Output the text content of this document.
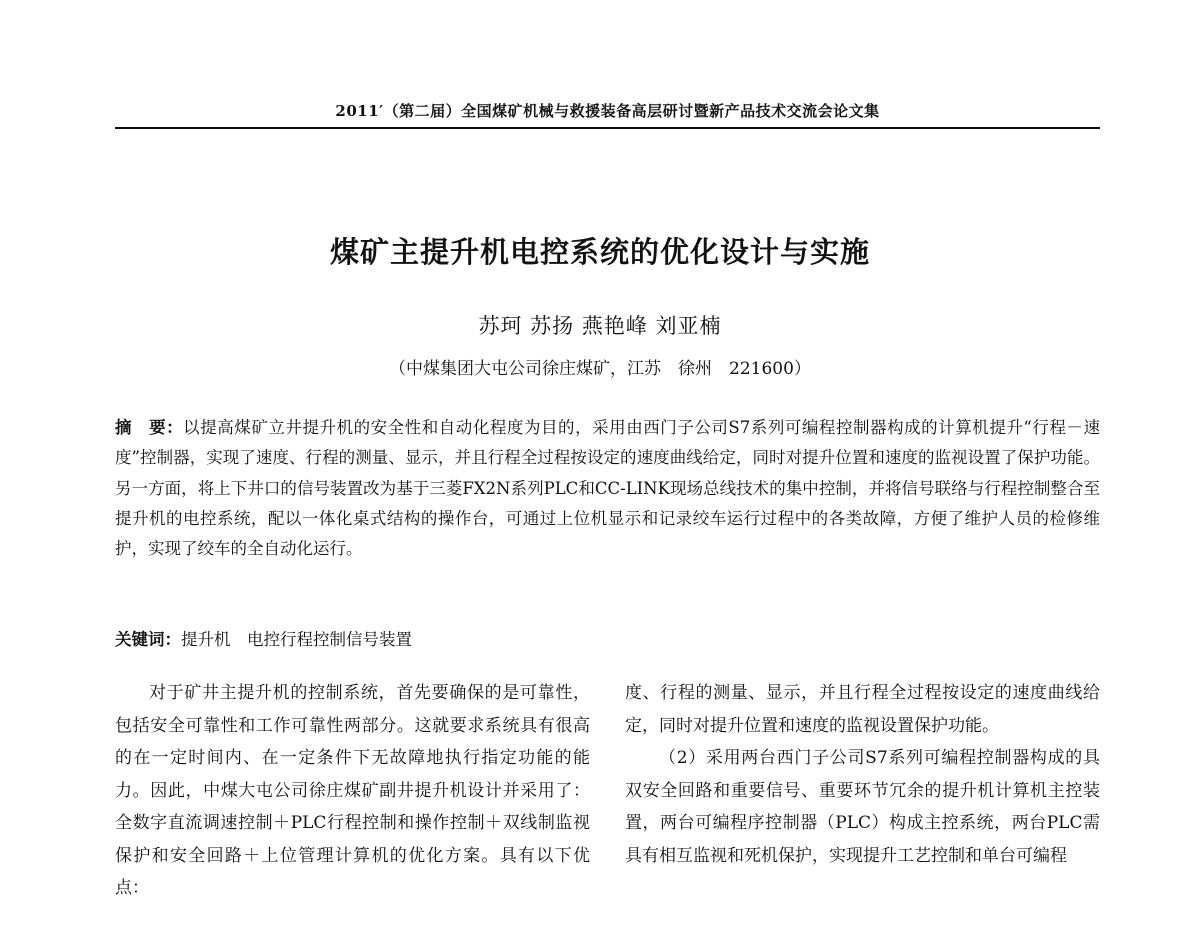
2011′（第二届）全国煤矿机械与救援装备高层研讨暨新产品技术交流会论文集
煤矿主提升机电控系统的优化设计与实施
苏珂 苏扬 燕艳峰 刘亚楠
（中煤集团大屯公司徐庄煤矿，江苏　徐州　221600）

摘　要：以提高煤矿立井提升机的安全性和自动化程度为目的，采用由西门子公司S7系列可编程控制器构成的计算机提升“行程－速度”控制器，实现了速度、行程的测量、显示，并且行程全过程按设定的速度曲线给定，同时对提升位置和速度的监视设置了保护功能。另一方面，将上下井口的信号装置改为基于三菱FX2N系列PLC和CC-LINK现场总线技术的集中控制，并将信号联络与行程控制整合至提升机的电控系统，配以一体化桌式结构的操作台，可通过上位机显示和记录绞车运行过程中的各类故障，方便了维护人员的检修维护，实现了绞车的全自动化运行。

关键词：提升机　电控行程控制信号装置

对于矿井主提升机的控制系统，首先要确保的是可靠性，包括安全可靠性和工作可靠性两部分。这就要求系统具有很高的在一定时间内、在一定条件下无故障地执行指定功能的能力。因此，中煤大屯公司徐庄煤矿副井提升机设计并采用了：全数字直流调速控制＋PLC行程控制和操作控制＋双线制监视保护和安全回路＋上位管理计算机的优化方案。具有以下优点：

度、行程的测量、显示，并且行程全过程按设定的速度曲线给定，同时对提升位置和速度的监视设置保护功能。

（2）采用两台西门子公司S7系列可编程控制器构成的具双安全回路和重要信号、重要环节冗余的提升机计算机主控装置，两台可编程序控制器（PLC）构成主控系统，两台PLC需具有相互监视和死机保护，实现提升工艺控制和单台可编程
